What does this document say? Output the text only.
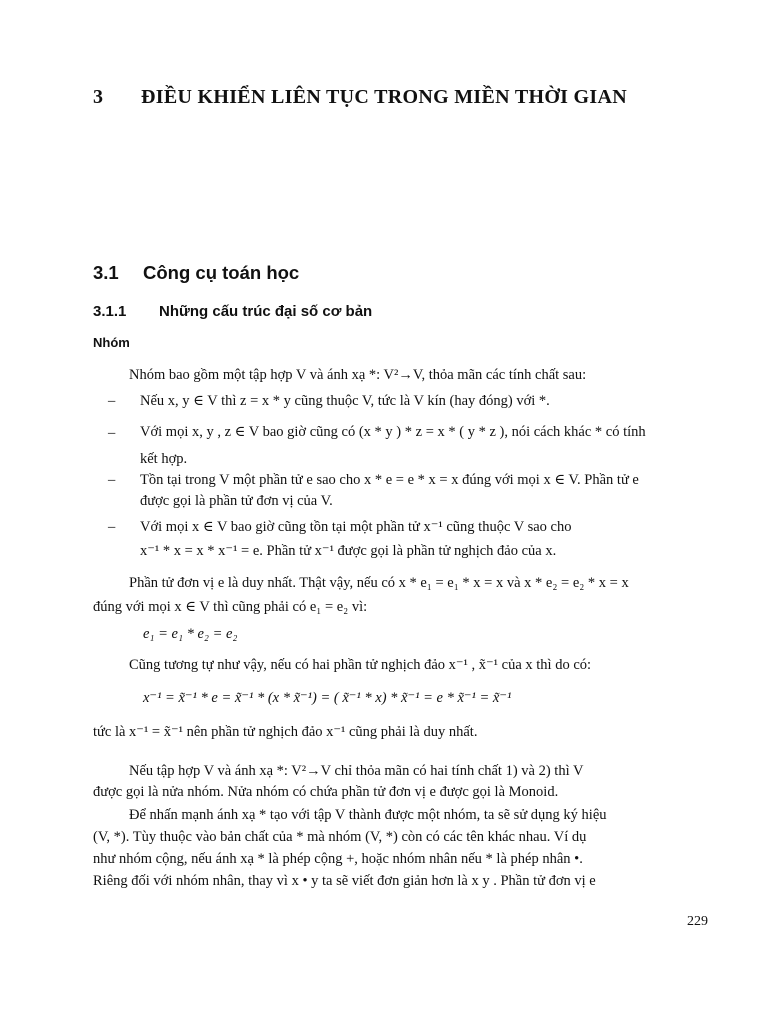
3 ĐIỀU KHIỂN LIÊN TỤC TRONG MIỀN THỜI GIAN
3.1 Công cụ toán học
3.1.1 Những cấu trúc đại số cơ bản
Nhóm
Nhóm bao gồm một tập hợp V và ánh xạ *: V²→V, thỏa mãn các tính chất sau:
– Nếu x, y ∈ V thì z = x * y cũng thuộc V, tức là V kín (hay đóng) với *.
– Với mọi x, y , z ∈ V bao giờ cũng có (x * y ) * z = x * ( y * z ), nói cách khác * có tính
kết hợp.
– Tồn tại trong V một phần tử e sao cho x * e = e * x = x đúng với mọi x ∈ V. Phần tử e
được gọi là phần tử đơn vị của V.
– Với mọi x ∈ V bao giờ cũng tồn tại một phần tử x⁻¹ cũng thuộc V sao cho
x⁻¹ * x = x * x⁻¹ = e. Phần tử x⁻¹ được gọi là phần tử nghịch đảo của x.
Phần tử đơn vị e là duy nhất. Thật vậy, nếu có x * e₁ = e₁ * x = x và x * e₂ = e₂ * x = x
đúng với mọi x ∈ V thì cũng phải có e₁ = e₂ vì:
e₁ = e₁ * e₂ = e₂
Cũng tương tự như vậy, nếu có hai phần tử nghịch đảo x⁻¹ , x̃⁻¹ của x thì do có:
x⁻¹ = x̃⁻¹ * e = x̃⁻¹ * (x * x̃⁻¹) = ( x̃⁻¹ * x) * x̃⁻¹ = e * x̃⁻¹ = x̃⁻¹
tức là x⁻¹ = x̃⁻¹ nên phần tử nghịch đảo x⁻¹ cũng phải là duy nhất.
Nếu tập hợp V và ánh xạ *: V²→V chỉ thỏa mãn có hai tính chất 1) và 2) thì V
được gọi là nửa nhóm. Nửa nhóm có chứa phần tử đơn vị e được gọi là Monoid.
Để nhấn mạnh ánh xạ * tạo với tập V thành được một nhóm, ta sẽ sử dụng ký hiệu
(V, *). Tùy thuộc vào bản chất của * mà nhóm (V, *) còn có các tên khác nhau. Ví dụ
như nhóm cộng, nếu ánh xạ * là phép cộng +, hoặc nhóm nhân nếu * là phép nhân •.
Riêng đối với nhóm nhân, thay vì x • y ta sẽ viết đơn giản hơn là x y . Phần tử đơn vị e
229
